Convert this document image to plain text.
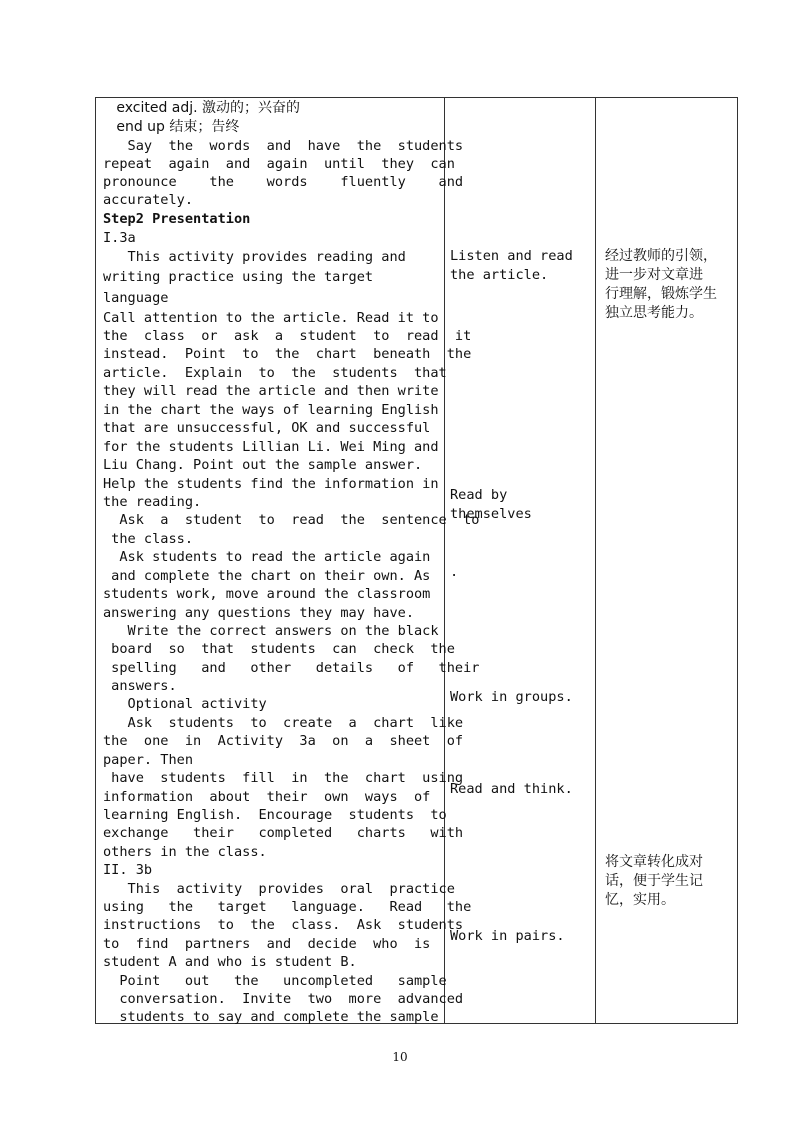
excited adj. 激动的；兴奋的
end up 结束；告终
Say  the  words  and  have  the  students
repeat  again  and  again  until  they  can
pronounce    the    words    fluently    and
accurately.
Step2 Presentation
I.3a
This activity provides reading and
writing practice using the target
language
Call attention to the article. Read it to
the  class  or  ask  a  student  to  read  it
instead.  Point  to  the  chart  beneath  the
article.  Explain  to  the  students  that
they will read the article and then write
in the chart the ways of learning English
that are unsuccessful, OK and successful
for the students Lillian Li. Wei Ming and
Liu Chang. Point out the sample answer.
Help the students find the information in
the reading.
Ask  a  student  to  read  the  sentence  to
the class.
Ask students to read the article again
and complete the chart on their own. As
students work, move around the classroom
answering any questions they may have.
Write the correct answers on the black
board  so  that  students  can  check  the
spelling   and   other   details   of   their
answers.
Optional activity
Ask  students  to  create  a  chart  like
the  one  in  Activity  3a  on  a  sheet  of
paper. Then
have  students  fill  in  the  chart  using
information  about  their  own  ways  of
learning English.  Encourage  students  to
exchange   their   completed   charts   with
others in the class.
II. 3b
This  activity  provides  oral  practice
using   the   target   language.   Read   the
instructions  to  the  class.  Ask  students
to  find  partners  and  decide  who  is
student A and who is student B.
Point   out   the   uncompleted   sample
conversation.  Invite  two  more  advanced
students to say and complete the sample
Listen and read
the article.
Read by
themselves
.
Work in groups.
Read and think.
Work in pairs.
经过教师的引领，
进一步对文章进
行理解，锻炼学生
独立思考能力。
将文章转化成对
话，便于学生记
忆，实用。
10
